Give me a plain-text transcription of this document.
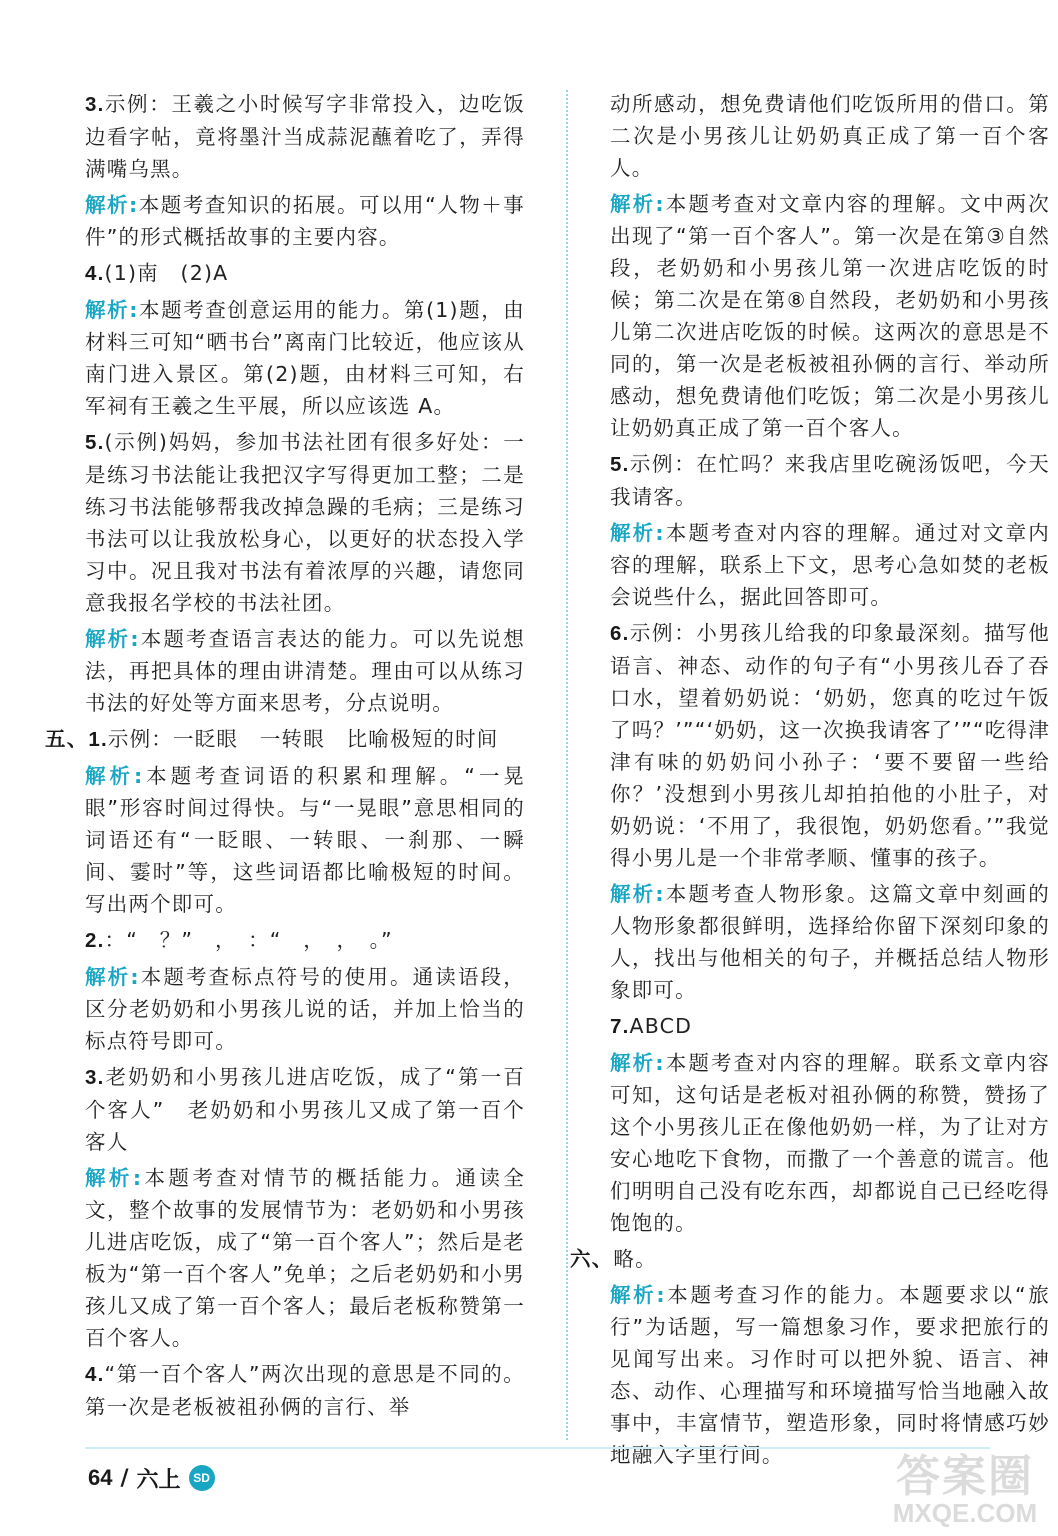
3.示例：王羲之小时候写字非常投入，边吃饭边看字帖，竟将墨汁当成蒜泥蘸着吃了，弄得满嘴乌黑。
解析:本题考查知识的拓展。可以用“人物＋事件”的形式概括故事的主要内容。
4.(1)南　(2)A
解析:本题考查创意运用的能力。第(1)题，由材料三可知“晒书台”离南门比较近，他应该从南门进入景区。第(2)题，由材料三可知，右军祠有王羲之生平展，所以应该选 A。
5.(示例)妈妈，参加书法社团有很多好处：一是练习书法能让我把汉字写得更加工整；二是练习书法能够帮我改掉急躁的毛病；三是练习书法可以让我放松身心，以更好的状态投入学习中。况且我对书法有着浓厚的兴趣，请您同意我报名学校的书法社团。
解析:本题考查语言表达的能力。可以先说想法，再把具体的理由讲清楚。理由可以从练习书法的好处等方面来思考，分点说明。
五、1.示例：一眨眼　一转眼　比喻极短的时间
解析:本题考查词语的积累和理解。“一晃眼”形容时间过得快。与“一晃眼”意思相同的词语还有“一眨眼、一转眼、一刹那、一瞬间、霎时”等，这些词语都比喻极短的时间。写出两个即可。
2.：“　？”　，　：“　，　，　。”
解析:本题考查标点符号的使用。通读语段，区分老奶奶和小男孩儿说的话，并加上恰当的标点符号即可。
3.老奶奶和小男孩儿进店吃饭，成了“第一百个客人”　老奶奶和小男孩儿又成了第一百个客人
解析:本题考查对情节的概括能力。通读全文，整个故事的发展情节为：老奶奶和小男孩儿进店吃饭，成了“第一百个客人”；然后是老板为“第一百个客人”免单；之后老奶奶和小男孩儿又成了第一百个客人；最后老板称赞第一百个客人。
4.“第一百个客人”两次出现的意思是不同的。第一次是老板被祖孙俩的言行、举
动所感动，想免费请他们吃饭所用的借口。第二次是小男孩儿让奶奶真正成了第一百个客人。
解析:本题考查对文章内容的理解。文中两次出现了“第一百个客人”。第一次是在第③自然段，老奶奶和小男孩儿第一次进店吃饭的时候；第二次是在第⑧自然段，老奶奶和小男孩儿第二次进店吃饭的时候。这两次的意思是不同的，第一次是老板被祖孙俩的言行、举动所感动，想免费请他们吃饭；第二次是小男孩儿让奶奶真正成了第一百个客人。
5.示例：在忙吗？来我店里吃碗汤饭吧，今天我请客。
解析:本题考查对内容的理解。通过对文章内容的理解，联系上下文，思考心急如焚的老板会说些什么，据此回答即可。
6.示例：小男孩儿给我的印象最深刻。描写他语言、神态、动作的句子有“小男孩儿吞了吞口水，望着奶奶说：‘奶奶，您真的吃过午饭了吗？’”“‘奶奶，这一次换我请客了’”“吃得津津有味的奶奶问小孙子：‘要不要留一些给你？’没想到小男孩儿却拍拍他的小肚子，对奶奶说：‘不用了，我很饱，奶奶您看。’”我觉得小男儿是一个非常孝顺、懂事的孩子。
解析:本题考查人物形象。这篇文章中刻画的人物形象都很鲜明，选择给你留下深刻印象的人，找出与他相关的句子，并概括总结人物形象即可。
7.ABCD
解析:本题考查对内容的理解。联系文章内容可知，这句话是老板对祖孙俩的称赞，赞扬了这个小男孩儿正在像他奶奶一样，为了让对方安心地吃下食物，而撒了一个善意的谎言。他们明明自己没有吃东西，却都说自己已经吃得饱饱的。
六、略。
解析:本题考查习作的能力。本题要求以“旅行”为话题，写一篇想象习作，要求把旅行的见闻写出来。习作时可以把外貌、语言、神态、动作、心理描写和环境描写恰当地融入故事中，丰富情节，塑造形象，同时将情感巧妙地融入字里行间。
64 / 六上	SD	答案圈
MXQE.COM
